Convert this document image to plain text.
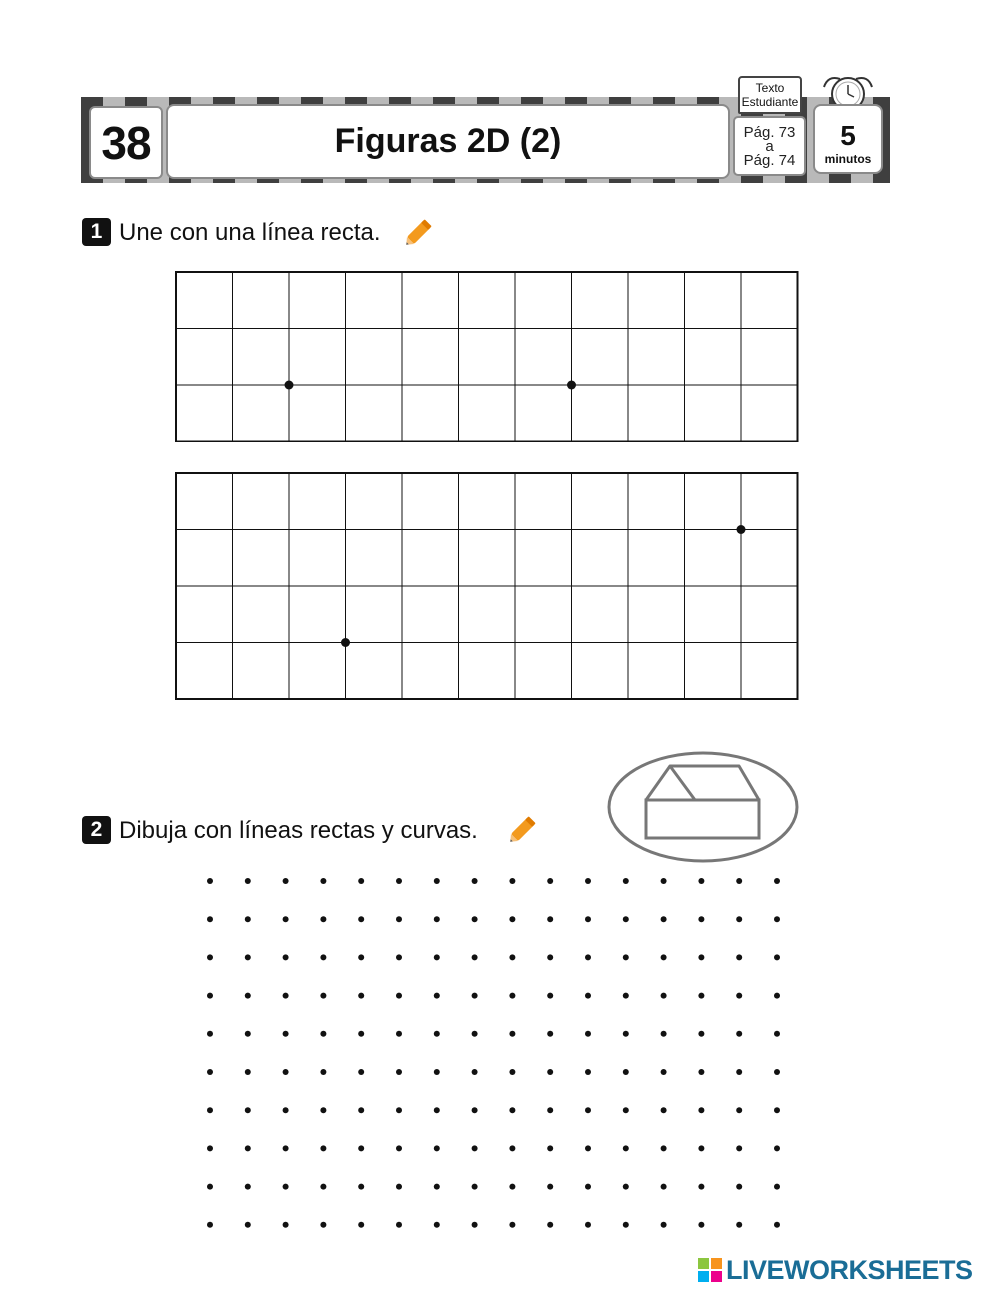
38	Figuras 2D (2)
Texto
Estudiante
Pág. 73
a
Pág. 74
5
minutos
1 Une con una línea recta.
2 Dibuja con líneas rectas y curvas.
LIVEWORKSHEETS
